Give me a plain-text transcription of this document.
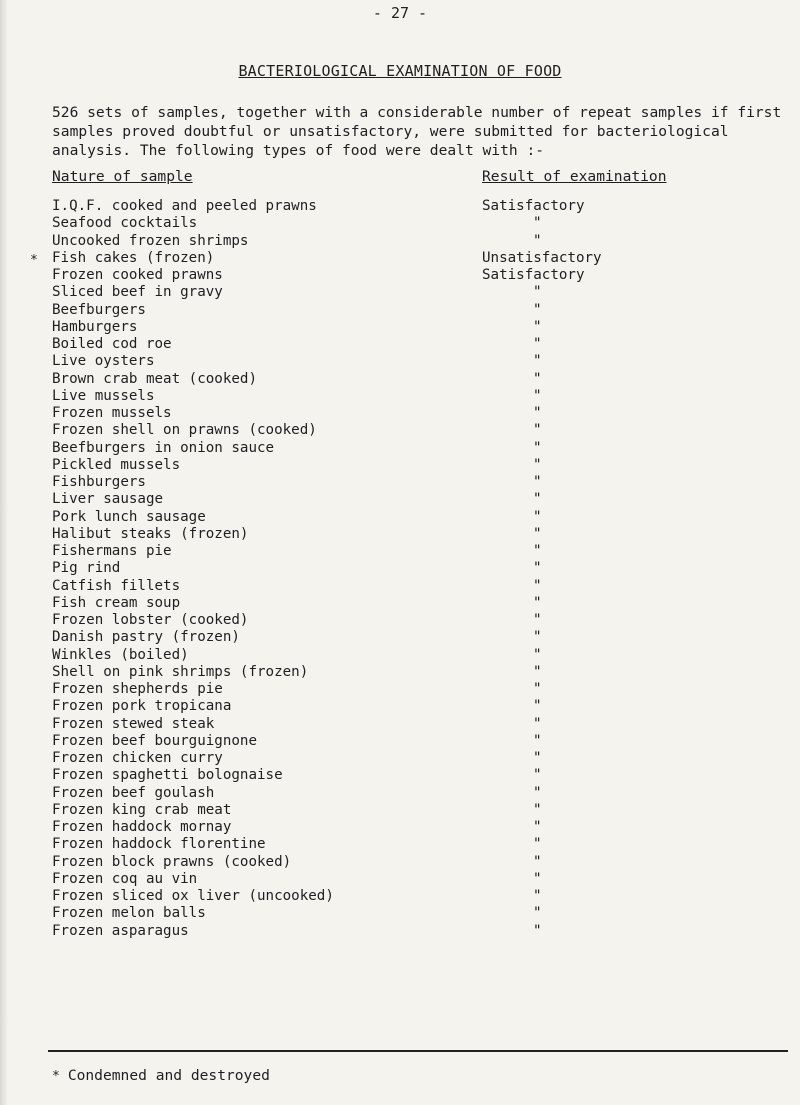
- 27 -
BACTERIOLOGICAL EXAMINATION OF FOOD
526 sets of samples, together with a considerable number of repeat samples if first samples proved doubtful or unsatisfactory, were submitted for bacteriological analysis. The following types of food were dealt with :-
Nature of sample	Result of examination
I.Q.F. cooked and peeled prawns	Satisfactory
Seafood cocktails	"
Uncooked frozen shrimps	"
* Fish cakes (frozen)	Unsatisfactory
Frozen cooked prawns	Satisfactory
Sliced beef in gravy	"
Beefburgers	"
Hamburgers	"
Boiled cod roe	"
Live oysters	"
Brown crab meat (cooked)	"
Live mussels	"
Frozen mussels	"
Frozen shell on prawns (cooked)	"
Beefburgers in onion sauce	"
Pickled mussels	"
Fishburgers	"
Liver sausage	"
Pork lunch sausage	"
Halibut steaks (frozen)	"
Fishermans pie	"
Pig rind	"
Catfish fillets	"
Fish cream soup	"
Frozen lobster (cooked)	"
Danish pastry (frozen)	"
Winkles (boiled)	"
Shell on pink shrimps (frozen)	"
Frozen shepherds pie	"
Frozen pork tropicana	"
Frozen stewed steak	"
Frozen beef bourguignone	"
Frozen chicken curry	"
Frozen spaghetti bolognaise	"
Frozen beef goulash	"
Frozen king crab meat	"
Frozen haddock mornay	"
Frozen haddock florentine	"
Frozen block prawns (cooked)	"
Frozen coq au vin	"
Frozen sliced ox liver (uncooked)	"
Frozen melon balls	"
Frozen asparagus	"
* Condemned and destroyed
